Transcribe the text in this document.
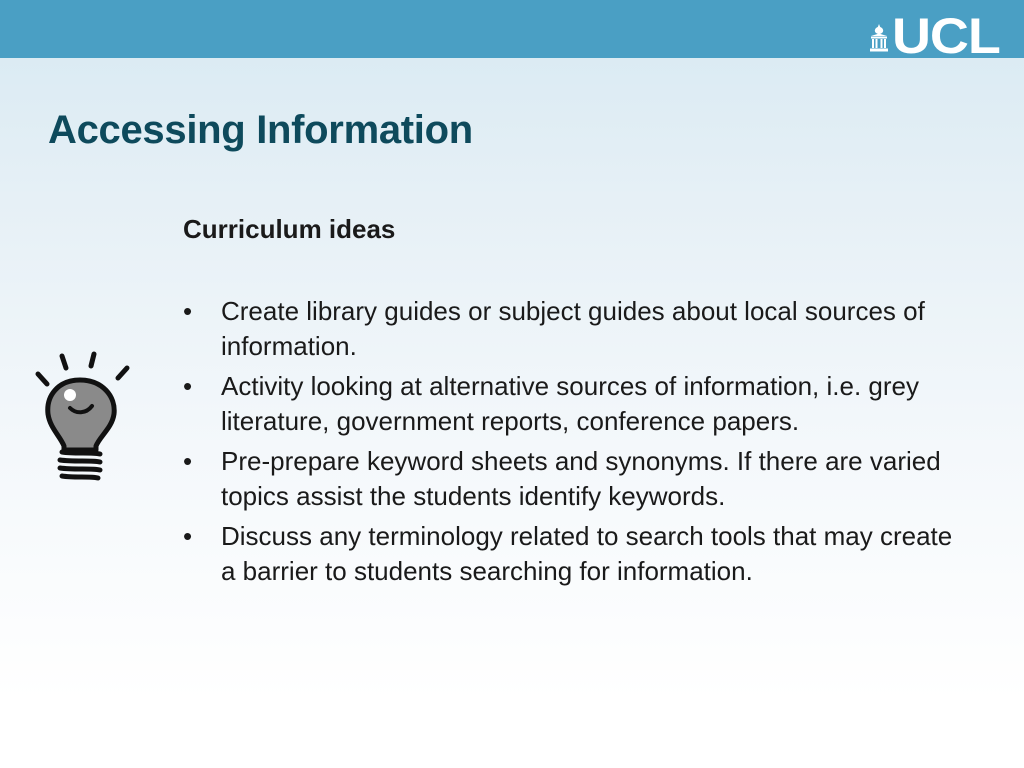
UCL
Accessing Information
Curriculum ideas
• Create library guides or subject guides about local sources of information.
• Activity looking at alternative sources of information, i.e. grey literature, government reports, conference papers.
• Pre-prepare keyword sheets and synonyms. If there are varied topics assist the students identify keywords.
• Discuss any terminology related to search tools that may create a barrier to students searching for information.
